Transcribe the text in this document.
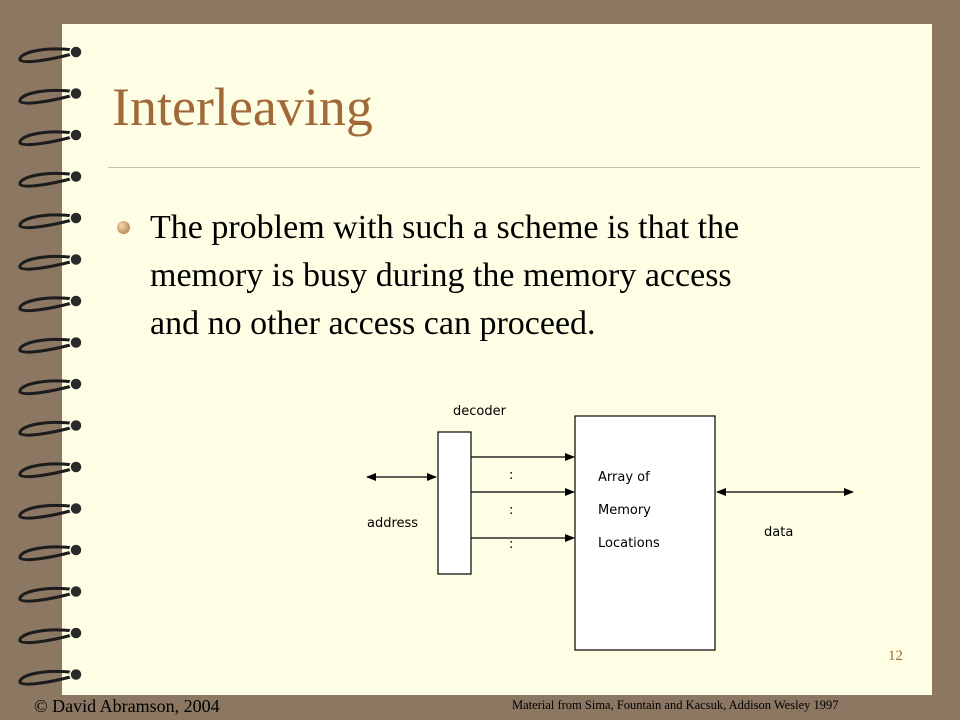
Interleaving
The problem with such a scheme is that the
memory is busy during the memory access
and no other access can proceed.
decoder
address
:
:
:
Array of
Memory
Locations
data
12
© David Abramson, 2004	Material from Sima, Fountain and Kacsuk, Addison Wesley 1997
